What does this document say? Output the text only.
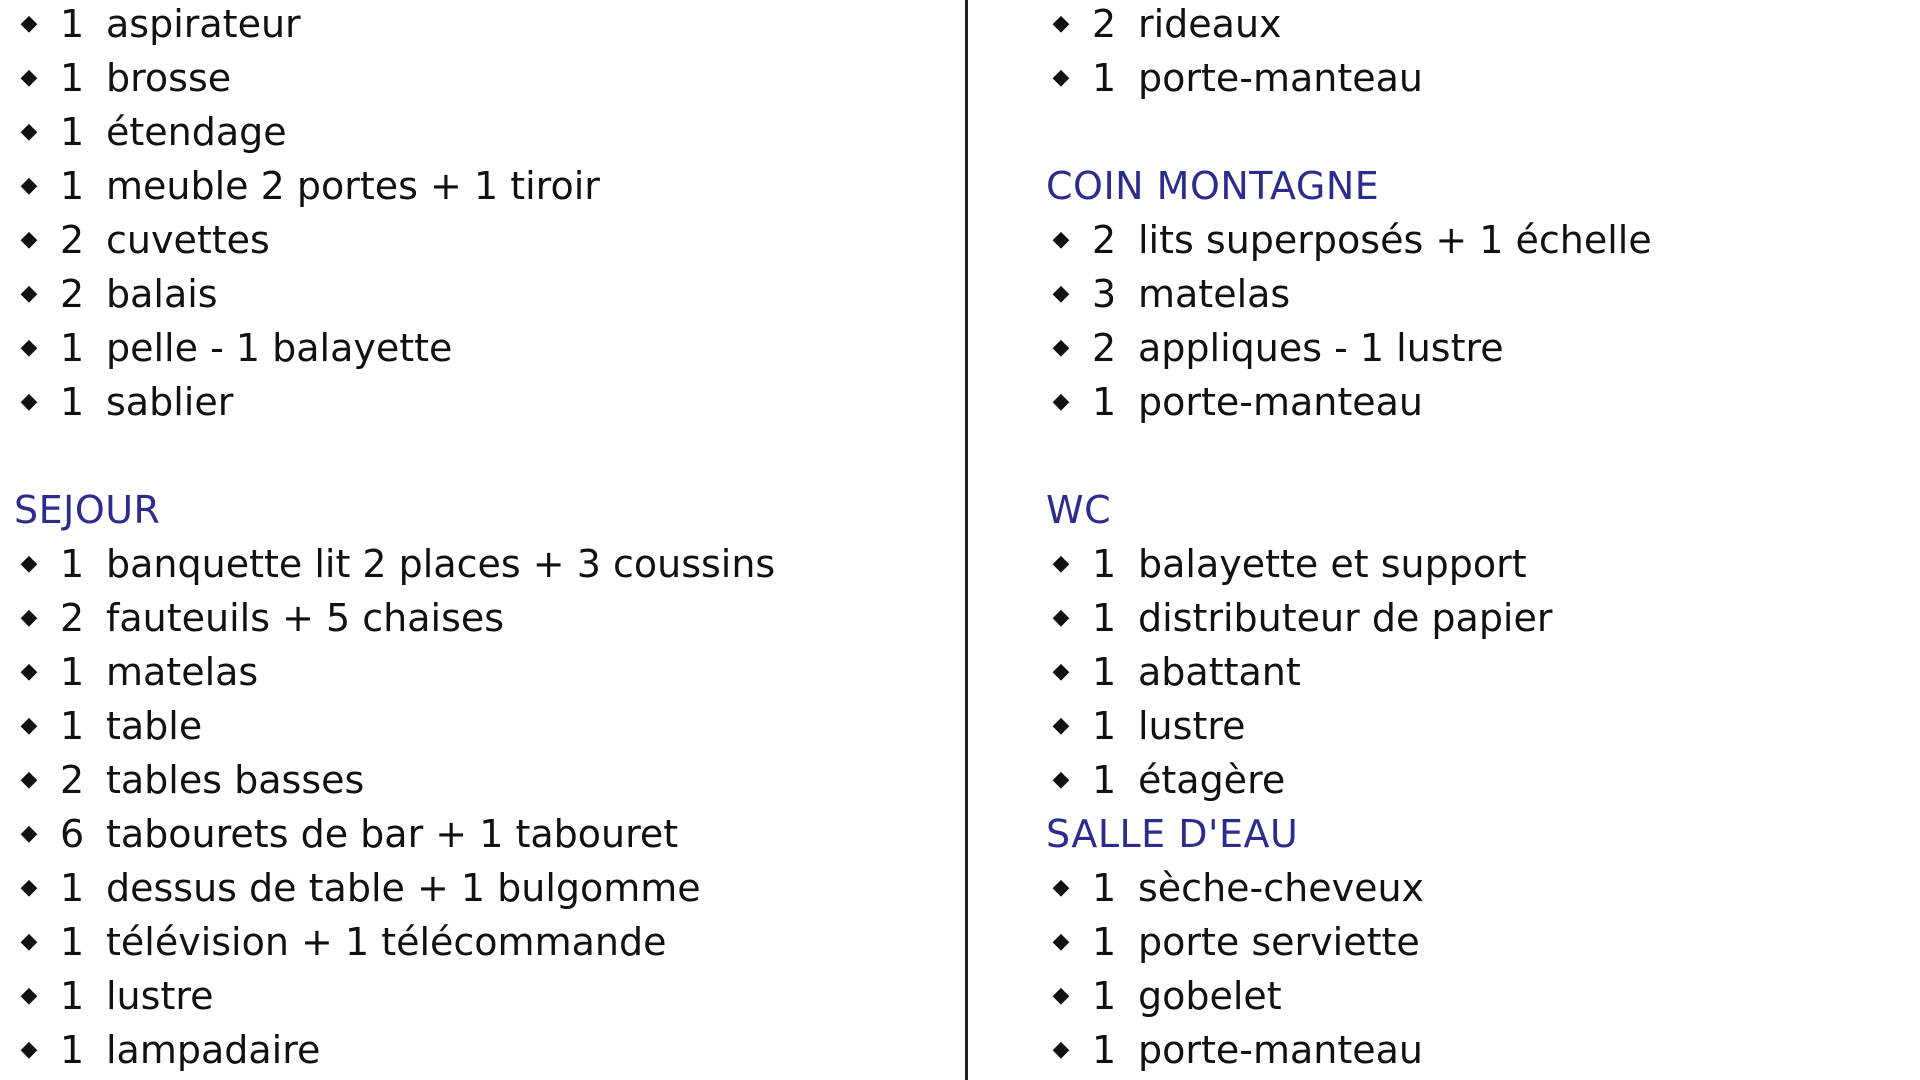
◆ 1 aspirateur
◆ 1 brosse
◆ 1 étendage
◆ 1 meuble 2 portes + 1 tiroir
◆ 2 cuvettes
◆ 2 balais
◆ 1 pelle - 1 balayette
◆ 1 sablier
SEJOUR
◆ 1 banquette lit 2 places + 3 coussins
◆ 2 fauteuils + 5 chaises
◆ 1 matelas
◆ 1 table
◆ 2 tables basses
◆ 6 tabourets de bar + 1 tabouret
◆ 1 dessus de table + 1 bulgomme
◆ 1 télévision + 1 télécommande
◆ 1 lustre
◆ 1 lampadaire
◆ 2 rideaux
◆ 1 porte-manteau
COIN MONTAGNE
◆ 2 lits superposés + 1 échelle
◆ 3 matelas
◆ 2 appliques - 1 lustre
◆ 1 porte-manteau
WC
◆ 1 balayette et support
◆ 1 distributeur de papier
◆ 1 abattant
◆ 1 lustre
◆ 1 étagère
SALLE D'EAU
◆ 1 sèche-cheveux
◆ 1 porte serviette
◆ 1 gobelet
◆ 1 porte-manteau
